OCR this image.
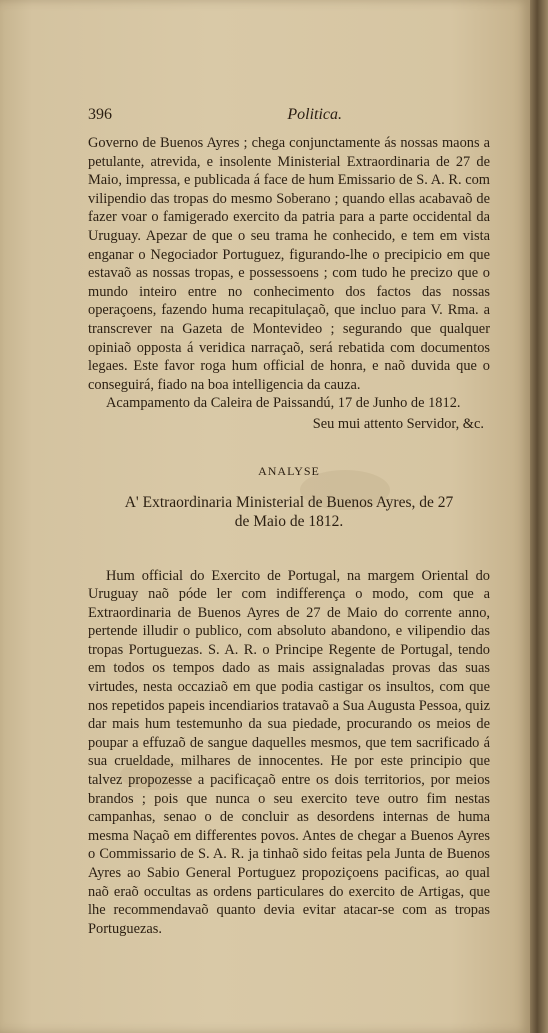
396	Politica.

Governo de Buenos Ayres ; chega conjunctamente ás nossas maons a petulante, atrevida, e insolente Ministerial Extraordinaria de 27 de Maio, impressa, e publicada á face de hum Emissario de S. A. R. com vilipendio das tropas do mesmo Soberano ; quando ellas acabavaõ de fazer voar o famigerado exercito da patria para a parte occidental da Uruguay. Apezar de que o seu trama he conhecido, e tem em vista enganar o Negociador Portuguez, figurando-lhe o precipicio em que estavaõ as nossas tropas, e possessoens ; com tudo he precizo que o mundo inteiro entre no conhecimento dos factos das nossas operaçoens, fazendo huma recapitulaçaõ, que incluo para V. Rma. a transcrever na Gazeta de Montevideo ; segurando que qualquer opiniaõ opposta á veridica narraçaõ, será rebatida com documentos legaes. Este favor roga hum official de honra, e naõ duvida que o conseguirá, fiado na boa intelligencia da cauza.

Acampamento da Caleira de Paissandú, 17 de Junho de 1812.

Seu mui attento Servidor, &c.

ANALYSE
A' Extraordinaria Ministerial de Buenos Ayres, de 27
de Maio de 1812.

Hum official do Exercito de Portugal, na margem Oriental do Uruguay naõ póde ler com indifferença o modo, com que a Extraordinaria de Buenos Ayres de 27 de Maio do corrente anno, pertende illudir o publico, com absoluto abandono, e vilipendio das tropas Portuguezas. S. A. R. o Principe Regente de Portugal, tendo em todos os tempos dado as mais assignaladas provas das suas virtudes, nesta occaziaõ em que podia castigar os insultos, com que nos repetidos papeis incendiarios tratavaõ a Sua Augusta Pessoa, quiz dar mais hum testemunho da sua piedade, procurando os meios de poupar a effuzaõ de sangue daquelles mesmos, que tem sacrificado á sua crueldade, milhares de innocentes. He por este principio que talvez propozesse a pacificaçaõ entre os dois territorios, por meios brandos ; pois que nunca o seu exercito teve outro fim nestas campanhas, senao o de concluir as desordens internas de huma mesma Naçaõ em differentes povos. Antes de chegar a Buenos Ayres o Commissario de S. A. R. ja tinhaõ sido feitas pela Junta de Buenos Ayres ao Sabio General Portuguez propoziçoens pacificas, ao qual naõ eraõ occultas as ordens particulares do exercito de Artigas, que lhe recommendavaõ quanto devia evitar atacar-se com as tropas Portuguezas.
